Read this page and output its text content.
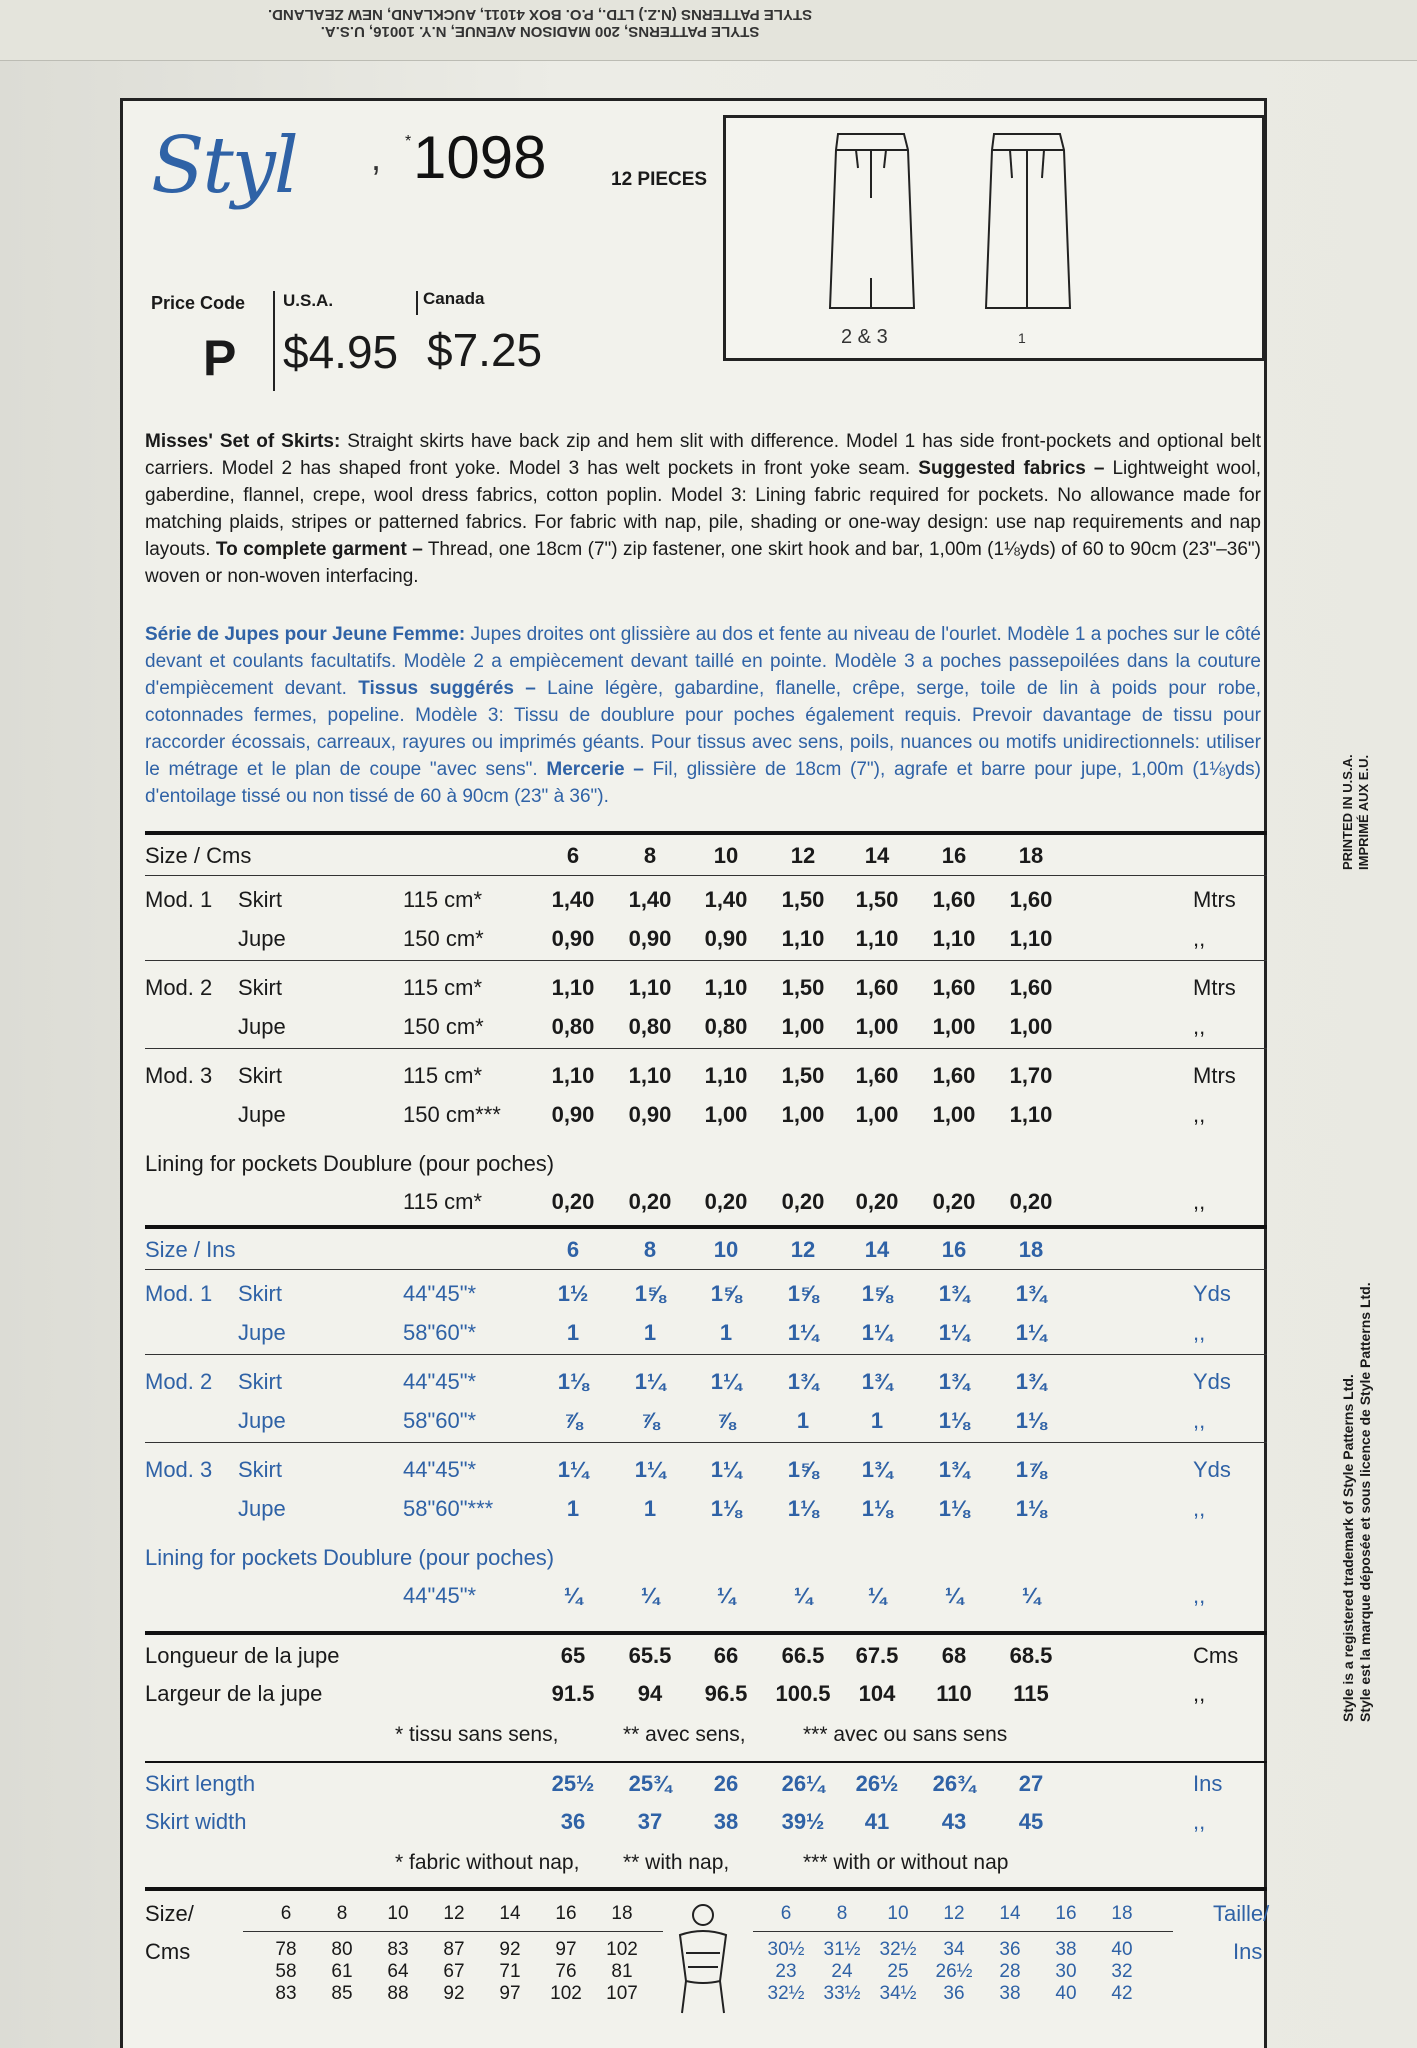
STYLE PATTERNS, 200 MADISON AVENUE, N.Y. 10016, U.S.A.
STYLE PATTERNS (N.Z.) LTD., P.O. BOX 41011, AUCKLAND, NEW ZEALAND.
Styl , * 1098	12 PIECES
Price Code
P
U.S.A.
$4.95
Canada
$7.25	2 & 3	1

Misses' Set of Skirts: Straight skirts have back zip and hem slit with difference. Model 1 has side front-pockets and optional belt carriers. Model 2 has shaped front yoke. Model 3 has welt pockets in front yoke seam. Suggested fabrics – Lightweight wool, gaberdine, flannel, crepe, wool dress fabrics, cotton poplin. Model 3: Lining fabric required for pockets. No allowance made for matching plaids, stripes or patterned fabrics. For fabric with nap, pile, shading or one-way design: use nap requirements and nap layouts. To complete garment – Thread, one 18cm (7") zip fastener, one skirt hook and bar, 1,00m (1⅛yds) of 60 to 90cm (23"–36") woven or non-woven interfacing.

Série de Jupes pour Jeune Femme: Jupes droites ont glissière au dos et fente au niveau de l'ourlet. Modèle 1 a poches sur le côté devant et coulants facultatifs. Modèle 2 a empiècement devant taillé en pointe. Modèle 3 a poches passepoilées dans la couture d'empiècement devant. Tissus suggérés – Laine légère, gabardine, flanelle, crêpe, serge, toile de lin à poids pour robe, cotonnades fermes, popeline. Modèle 3: Tissu de doublure pour poches également requis. Prevoir davantage de tissu pour raccorder écossais, carreaux, rayures ou imprimés géants. Pour tissus avec sens, poils, nuances ou motifs unidirectionnels: utiliser le métrage et le plan de coupe "avec sens". Mercerie – Fil, glissière de 18cm (7"), agrafe et barre pour jupe, 1,00m (1⅛yds) d'entoilage tissé ou non tissé de 60 à 90cm (23" à 36").

Size / Cms	6	8	10	12	14	16	18
Mod. 1 Skirt	115 cm*	1,40	1,40	1,40	1,50	1,50	1,60	1,60	Mtrs
Jupe	150 cm*	0,90	0,90	0,90	1,10	1,10	1,10	1,10	,,
Mod. 2 Skirt	115 cm*	1,10	1,10	1,10	1,50	1,60	1,60	1,60	Mtrs
Jupe	150 cm*	0,80	0,80	0,80	1,00	1,00	1,00	1,00	,,
Mod. 3 Skirt	115 cm*	1,10	1,10	1,10	1,50	1,60	1,60	1,70	Mtrs
Jupe	150 cm***	0,90	0,90	1,00	1,00	1,00	1,00	1,10	,,
Lining for pockets Doublure (pour poches)
115 cm*	0,20	0,20	0,20	0,20	0,20	0,20	0,20	,,
Size / Ins	6	8	10	12	14	16	18
Mod. 1 Skirt	44"45"*	1½	1⅝	1⅝	1⅝	1⅝	1¾	1¾	Yds
Jupe	58"60"*	1	1	1	1¼	1¼	1¼	1¼	,,
Mod. 2 Skirt	44"45"*	1⅛	1¼	1¼	1¾	1¾	1¾	1¾	Yds
Jupe	58"60"*	⅞	⅞	⅞	1	1	1⅛	1⅛	,,
Mod. 3 Skirt	44"45"*	1¼	1¼	1¼	1⅝	1¾	1¾	1⅞	Yds
Jupe	58"60"***	1	1	1⅛	1⅛	1⅛	1⅛	1⅛	,,
Lining for pockets Doublure (pour poches)
44"45"*	¼	¼	¼	¼	¼	¼	¼	,,
Longueur de la jupe	65	65.5	66	66.5	67.5	68	68.5	Cms
Largeur de la jupe	91.5	94	96.5	100.5	104	110	115	,,
* tissu sans sens,	** avec sens,	*** avec ou sans sens
Skirt length	25½	25¾	26	26¼	26½	26¾	27	Ins
Skirt width	36	37	38	39½	41	43	45	,,
* fabric without nap, ** with nap,	*** with or without nap
Size/
Cms
6	8	10	12	14	16	18
78	80	83	87	92	97	102
58	61	64	67	71	76	81
83	85	88	92	97	102	107
6	8	10	12	14	16	18
30½ 31½ 32½	34	36	38	40
23	24	25	26½	28	30	32
32½ 33½ 34½	36	38	40	42
Taille/
Ins
PRINTED IN U.S.A. IMPRIMÉ AUX E.U.
Style is a registered trademark of Style Patterns Ltd. Style est la marque déposée et sous licence de Style Patterns Ltd.
